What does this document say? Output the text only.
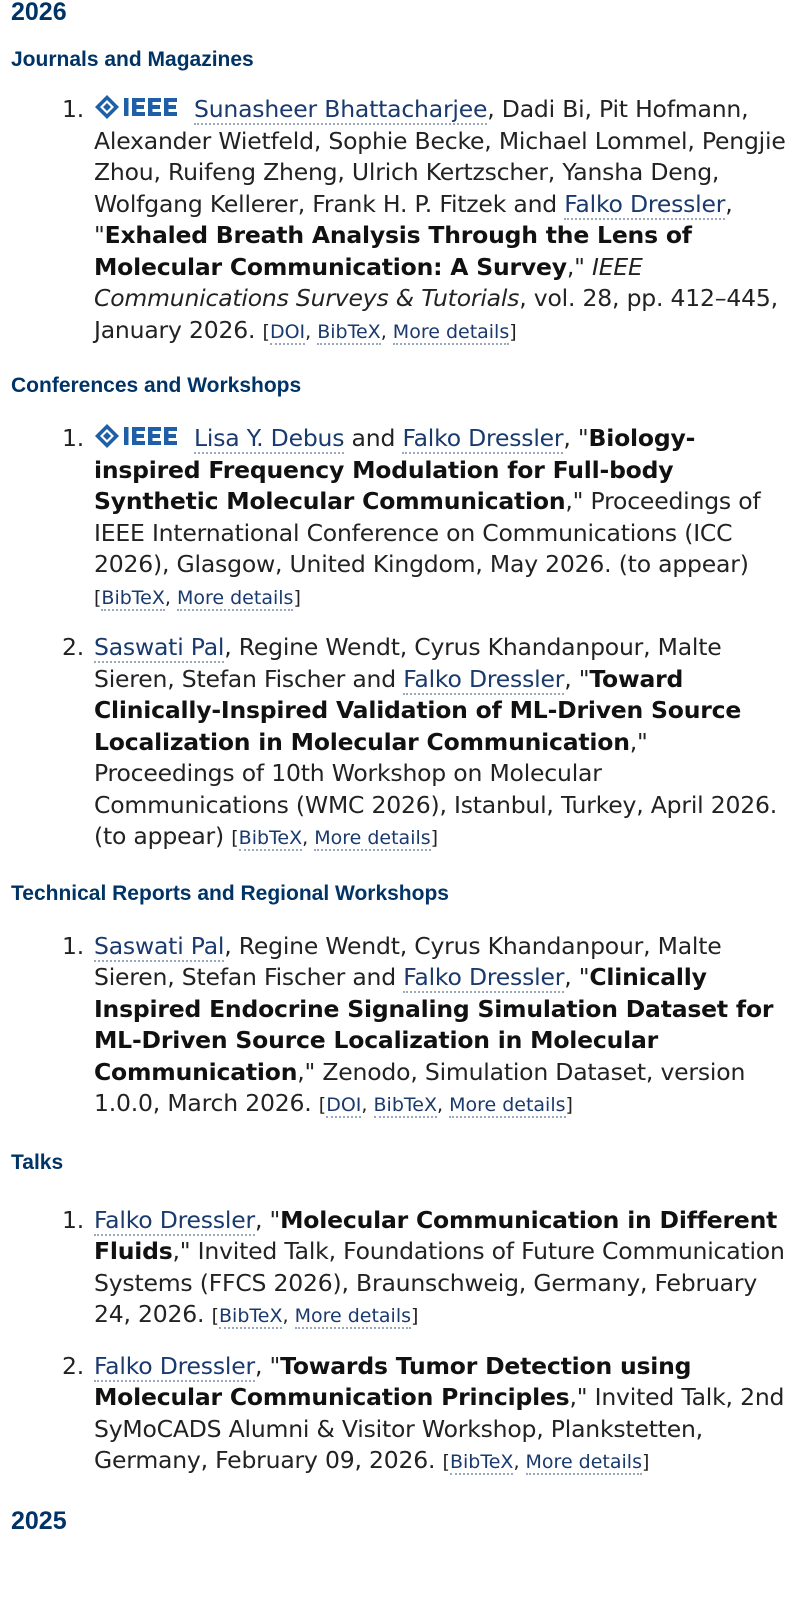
2026
Journals and Magazines
1.	Sunasheer Bhattacharjee, Dadi Bi, Pit Hofmann, Alexander Wietfeld, Sophie Becke, Michael Lommel, Pengjie Zhou, Ruifeng Zheng, Ulrich Kertzscher, Yansha Deng, Wolfgang Kellerer, Frank H. P. Fitzek and Falko Dressler, "Exhaled Breath Analysis Through the Lens of Molecular Communication: A Survey," IEEE Communications Surveys & Tutorials, vol. 28, pp. 412–445, January 2026. [DOI, BibTeX, More details]
Conferences and Workshops
1.	Lisa Y. Debus and Falko Dressler, "Biology-inspired Frequency Modulation for Full-body Synthetic Molecular Communication," Proceedings of IEEE International Conference on Communications (ICC 2026), Glasgow, United Kingdom, May 2026. (to appear) [BibTeX, More details]
2. Saswati Pal, Regine Wendt, Cyrus Khandanpour, Malte Sieren, Stefan Fischer and Falko Dressler, "Toward Clinically-Inspired Validation of ML-Driven Source Localization in Molecular Communication," Proceedings of 10th Workshop on Molecular Communications (WMC 2026), Istanbul, Turkey, April 2026. (to appear) [BibTeX, More details]
Technical Reports and Regional Workshops
1. Saswati Pal, Regine Wendt, Cyrus Khandanpour, Malte Sieren, Stefan Fischer and Falko Dressler, "Clinically Inspired Endocrine Signaling Simulation Dataset for ML-Driven Source Localization in Molecular Communication," Zenodo, Simulation Dataset, version 1.0.0, March 2026. [DOI, BibTeX, More details]
Talks
1. Falko Dressler, "Molecular Communication in Different Fluids," Invited Talk, Foundations of Future Communication Systems (FFCS 2026), Braunschweig, Germany, February 24, 2026. [BibTeX, More details]
2. Falko Dressler, "Towards Tumor Detection using Molecular Communication Principles," Invited Talk, 2nd SyMoCADS Alumni & Visitor Workshop, Plankstetten, Germany, February 09, 2026. [BibTeX, More details]
2025
